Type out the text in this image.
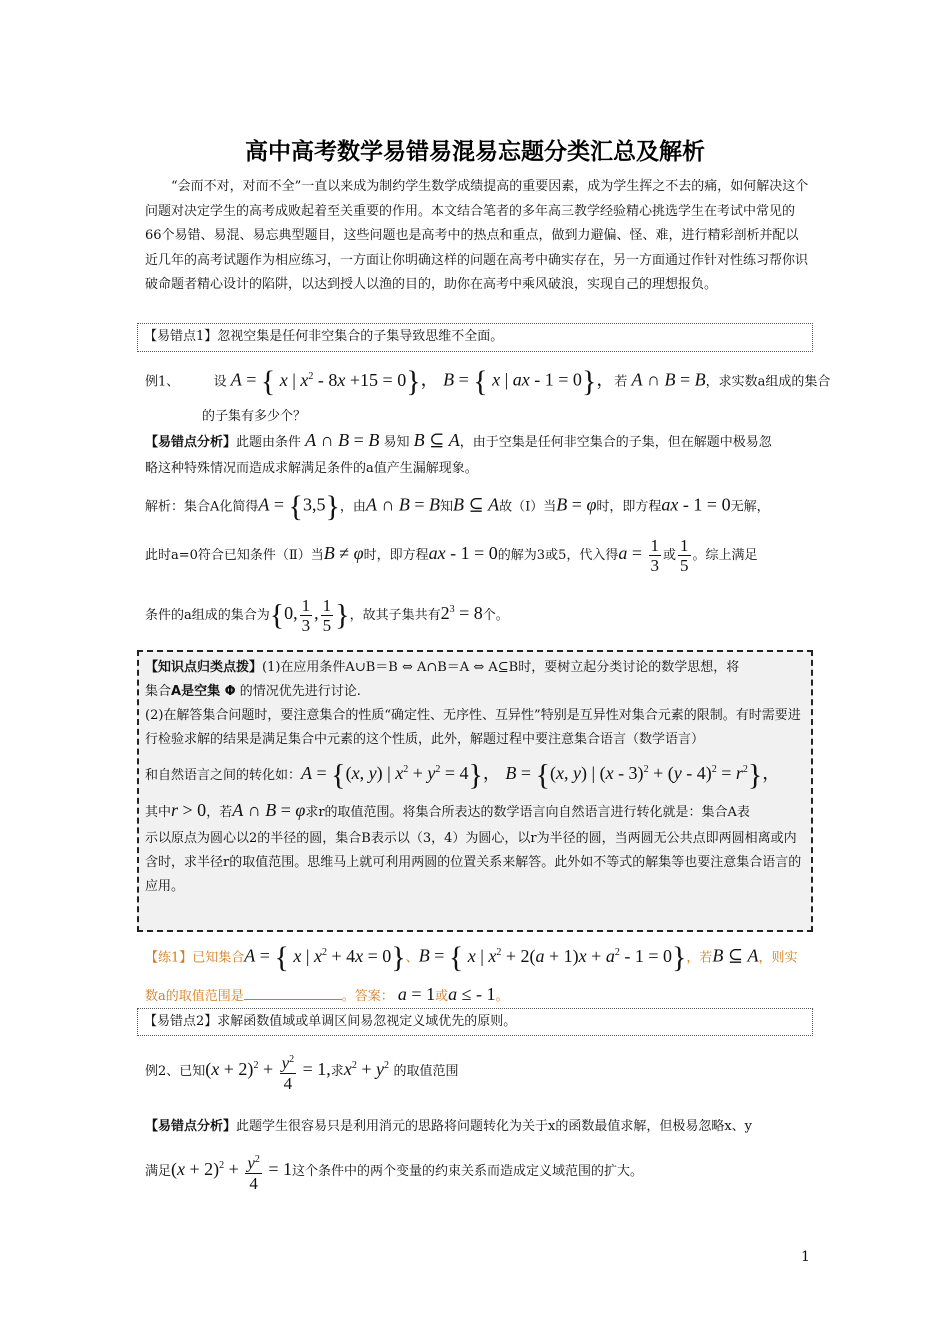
高中高考数学易错易混易忘题分类汇总及解析
“会而不对，对而不全”一直以来成为制约学生数学成绩提高的重要因素，成为学生挥之不去的痛，如何解决这个问题对决定学生的高考成败起着至关重要的作用。本文结合笔者的多年高三教学经验精心挑选学生在考试中常见的66个易错、易混、易忘典型题目，这些问题也是高考中的热点和重点，做到力避偏、怪、难，进行精彩剖析并配以近几年的高考试题作为相应练习，一方面让你明确这样的问题在高考中确实存在，另一方面通过作针对性练习帮你识破命题者精心设计的陷阱，以达到授人以渔的目的，助你在高考中乘风破浪，实现自己的理想报负。
【易错点1】忽视空集是任何非空集合的子集导致思维不全面。
例1、	设 A = { x | $x^2 - 8x +15 = 0$}， B = { x | ax - 1 = 0}，若 A ∩ B = B，求实数a组成的集合
的子集有多少个？
【易错点分析】此题由条件 A ∩ B = B 易知 B ⊆ A，由于空集是任何非空集合的子集，但在解题中极易忽
略这种特殊情况而造成求解满足条件的a值产生漏解现象。
解析：集合A化简得A = {3,5}，由A ∩ B = B知B ⊆ A故（Ⅰ）当B = φ时，即方程ax - 1 = 0无解，
此时a=0符合已知条件（Ⅱ）当B ≠ φ时，即方程ax - 1 = 0的解为3或5，代入得$a = \frac{1}{3}$ 或 $\frac{1}{5}$ 。综上满足
条件的a组成的集合为{0, $\frac{1}{3}$ , $\frac{1}{5}$ }，故其子集共有$2^3 = 8$个。
【知识点归类点拨】(1)在应用条件A∪B＝B ⇔ A∩B＝A ⇔ A⊆B时，要树立起分类讨论的数学思想，将
集合A是空集 Φ 的情况优先进行讨论.
(2)在解答集合问题时，要注意集合的性质“确定性、无序性、互异性”特别是互异性对集合元素的限制。有时需要进行检验求解的结果是满足集合中元素的这个性质，此外，解题过程中要注意集合语言（数学语言）
和自然语言之间的转化如：A = {(x, y) | $x^2 + y^2 = 4$}， B = {(x, y) | $(x - 3)^2 + (y - 4)^2 = r^2$}，
其中r > 0，若A ∩ B = φ求r的取值范围。将集合所表达的数学语言向自然语言进行转化就是：集合A表
示以原点为圆心以2的半径的圆，集合B表示以（3，4）为圆心，以r为半径的圆，当两圆无公共点即两圆相离或内含时，求半径r的取值范围。思维马上就可利用两圆的位置关系来解答。此外如不等式的解集等也要注意集合语言的应用。
【练1】已知集合A = { x | $x^2 + 4x = 0$}、B = { x | $x^2 + 2(a + 1)x + a^2 - 1 = 0$}，若B ⊆ A，则实
数a的取值范围是	。答案： a = 1或a ≤ - 1。
【易错点2】求解函数值域或单调区间易忽视定义域优先的原则。
例2、已知$(x + 2)^2 + \frac{y^2}{4} = 1$,求$x^2 + y^2$ 的取值范围
【易错点分析】此题学生很容易只是利用消元的思路将问题转化为关于x的函数最值求解，但极易忽略x、y
满足$(x + 2)^2 + \frac{y^2}{4} = 1$这个条件中的两个变量的约束关系而造成定义域范围的扩大。
1
